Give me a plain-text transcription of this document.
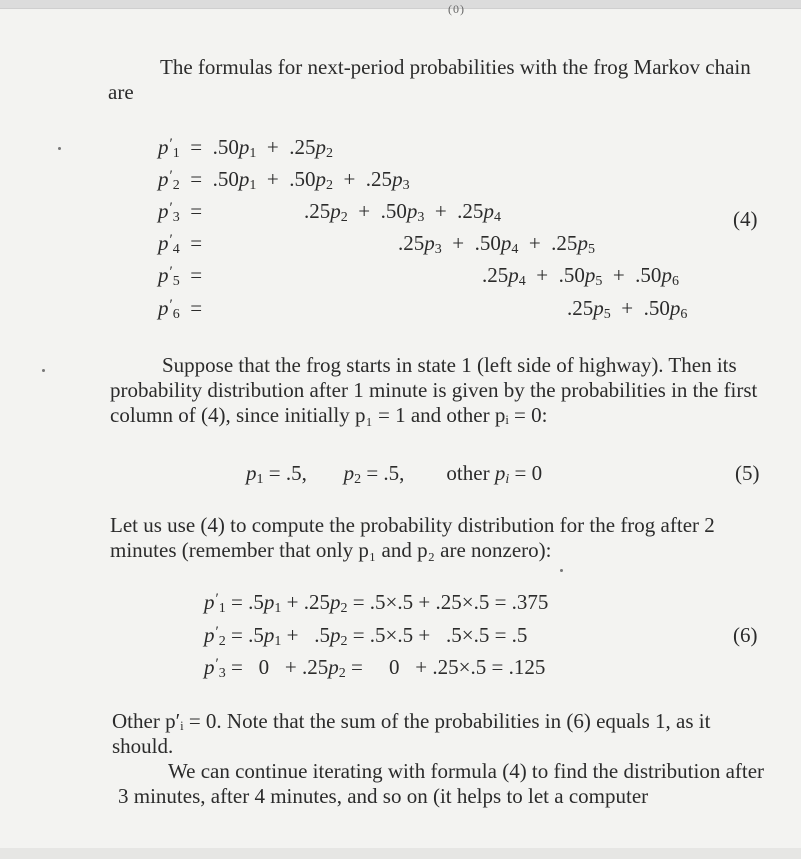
(0)

The formulas for next-period probabilities with the frog Markov chain are

$p'_1 = .50p_1 + .25p_2$
$p'_2 = .50p_1 + .50p_2 + .25p_3$
$p'_3$  =	$.25p_2 + .50p_3 + .25p_4$
$p'_4$  =	$.25p_3 + .50p_4 + .25p_5$
$p'_5$  =	$.25p_4 + .50p_5 + .50p_6$
$p'_6$  =	$.25p_5 + .50p_6$
(4)

Suppose that the frog starts in state 1 (left side of highway). Then its probability distribution after 1 minute is given by the probabilities in the first column of (4), since initially p₁ = 1 and other pᵢ = 0:

$p_1 = .5$,       $p_2 = .5$,        other $p_i = 0$	(5)

Let us use (4) to compute the probability distribution for the frog after 2 minutes (remember that only p₁ and p₂ are nonzero):

$p'_1 = .5p_1 + .25p_2 = .5\times.5 + .25\times.5 = .375$
$p'_2 = .5p_1 + .5p_2 = .5\times.5 + .5\times.5 = .5$
$p'_3 = 0 + .25p_2$ =     0   + .25×.5 = .125
(6)

Other p′ᵢ = 0. Note that the sum of the probabilities in (6) equals 1, as it should.

We can continue iterating with formula (4) to find the distribution after 3 minutes, after 4 minutes, and so on (it helps to let a computer
